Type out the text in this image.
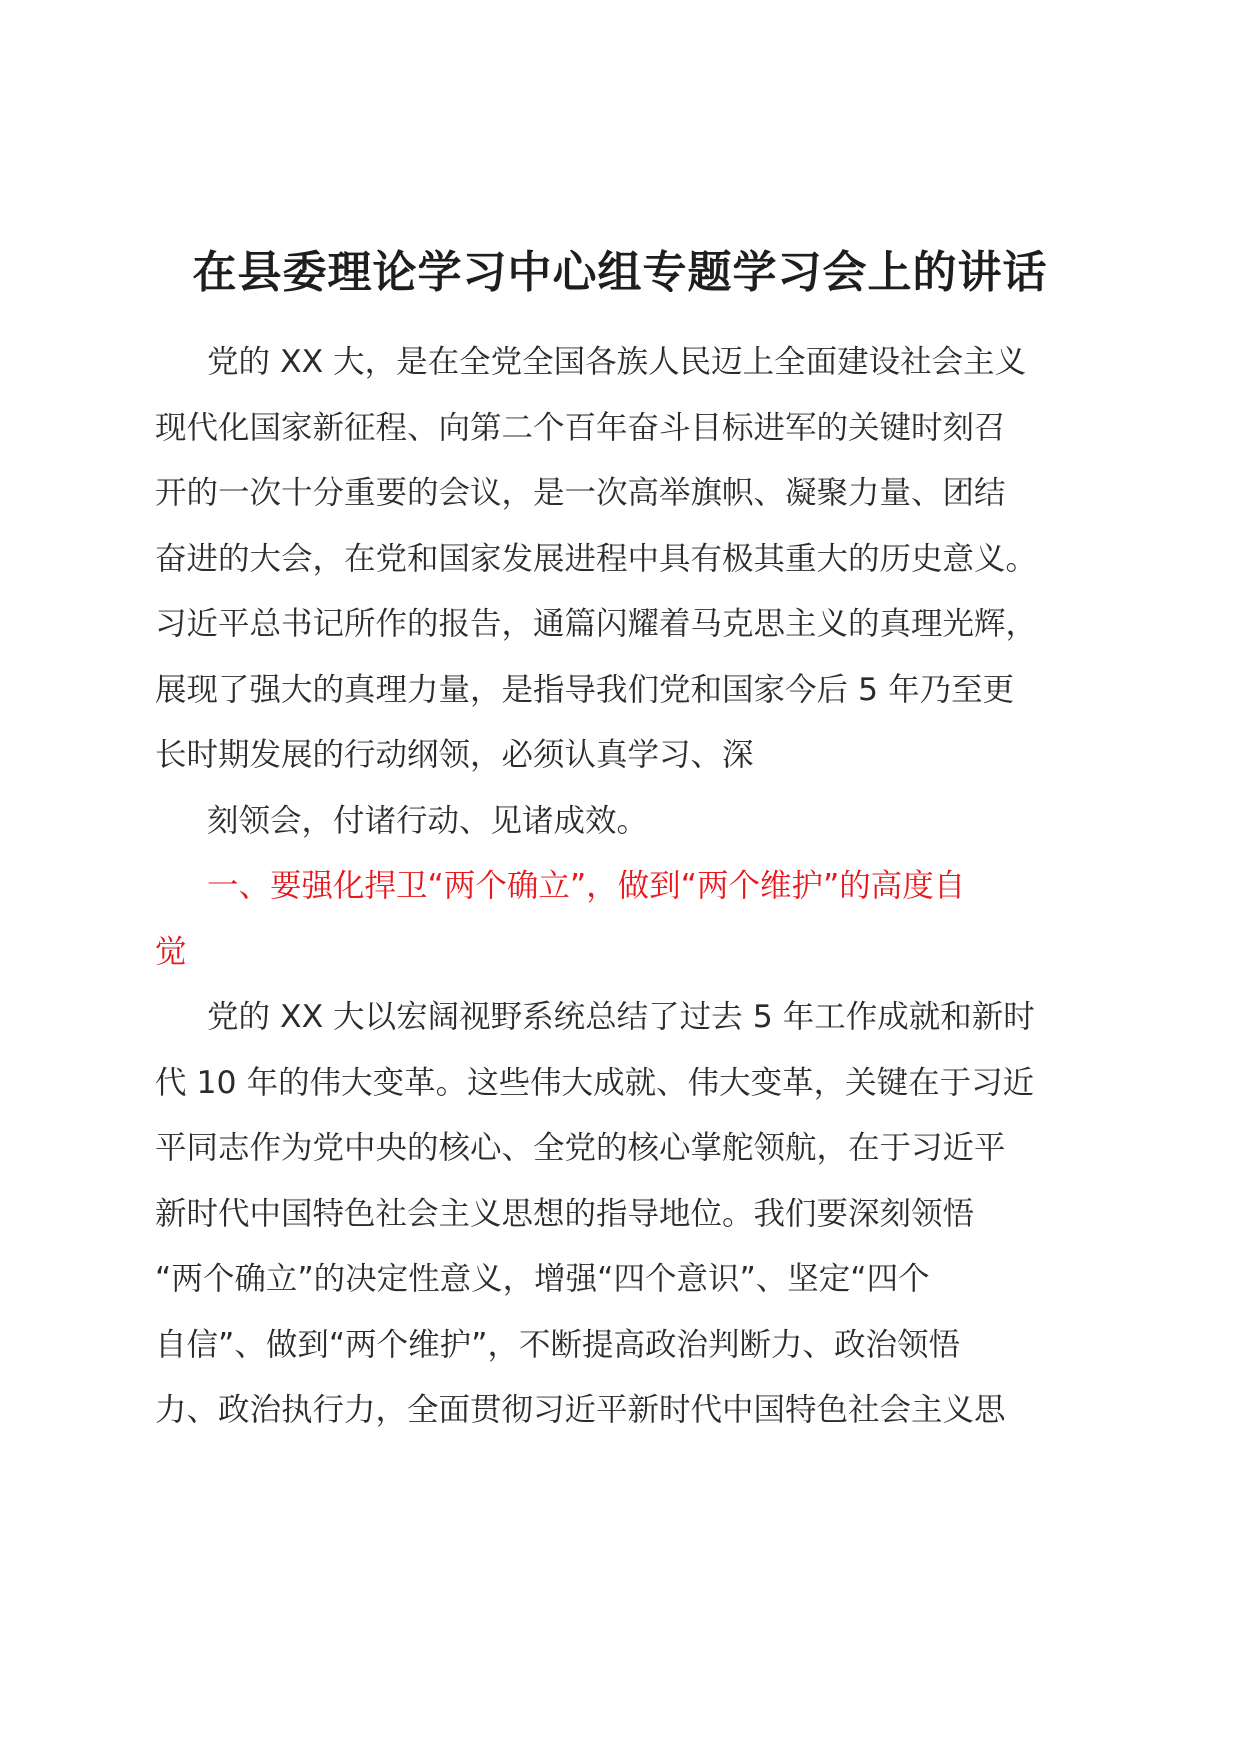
在县委理论学习中心组专题学习会上的讲话

党的 XX 大，是在全党全国各族人民迈上全面建设社会主义
现代化国家新征程、向第二个百年奋斗目标进军的关键时刻召
开的一次十分重要的会议，是一次高举旗帜、凝聚力量、团结
奋进的大会，在党和国家发展进程中具有极其重大的历史意义。
习近平总书记所作的报告，通篇闪耀着马克思主义的真理光辉，
展现了强大的真理力量，是指导我们党和国家今后 5 年乃至更
长时期发展的行动纲领，必须认真学习、深

刻领会，付诸行动、见诸成效。

一、要强化捍卫“两个确立”，做到“两个维护”的高度自
觉

党的 XX 大以宏阔视野系统总结了过去 5 年工作成就和新时
代 10 年的伟大变革。这些伟大成就、伟大变革，关键在于习近
平同志作为党中央的核心、全党的核心掌舵领航，在于习近平
新时代中国特色社会主义思想的指导地位。我们要深刻领悟
“两个确立”的决定性意义，增强“四个意识”、坚定“四个
自信”、做到“两个维护”，不断提高政治判断力、政治领悟
力、政治执行力，全面贯彻习近平新时代中国特色社会主义思
